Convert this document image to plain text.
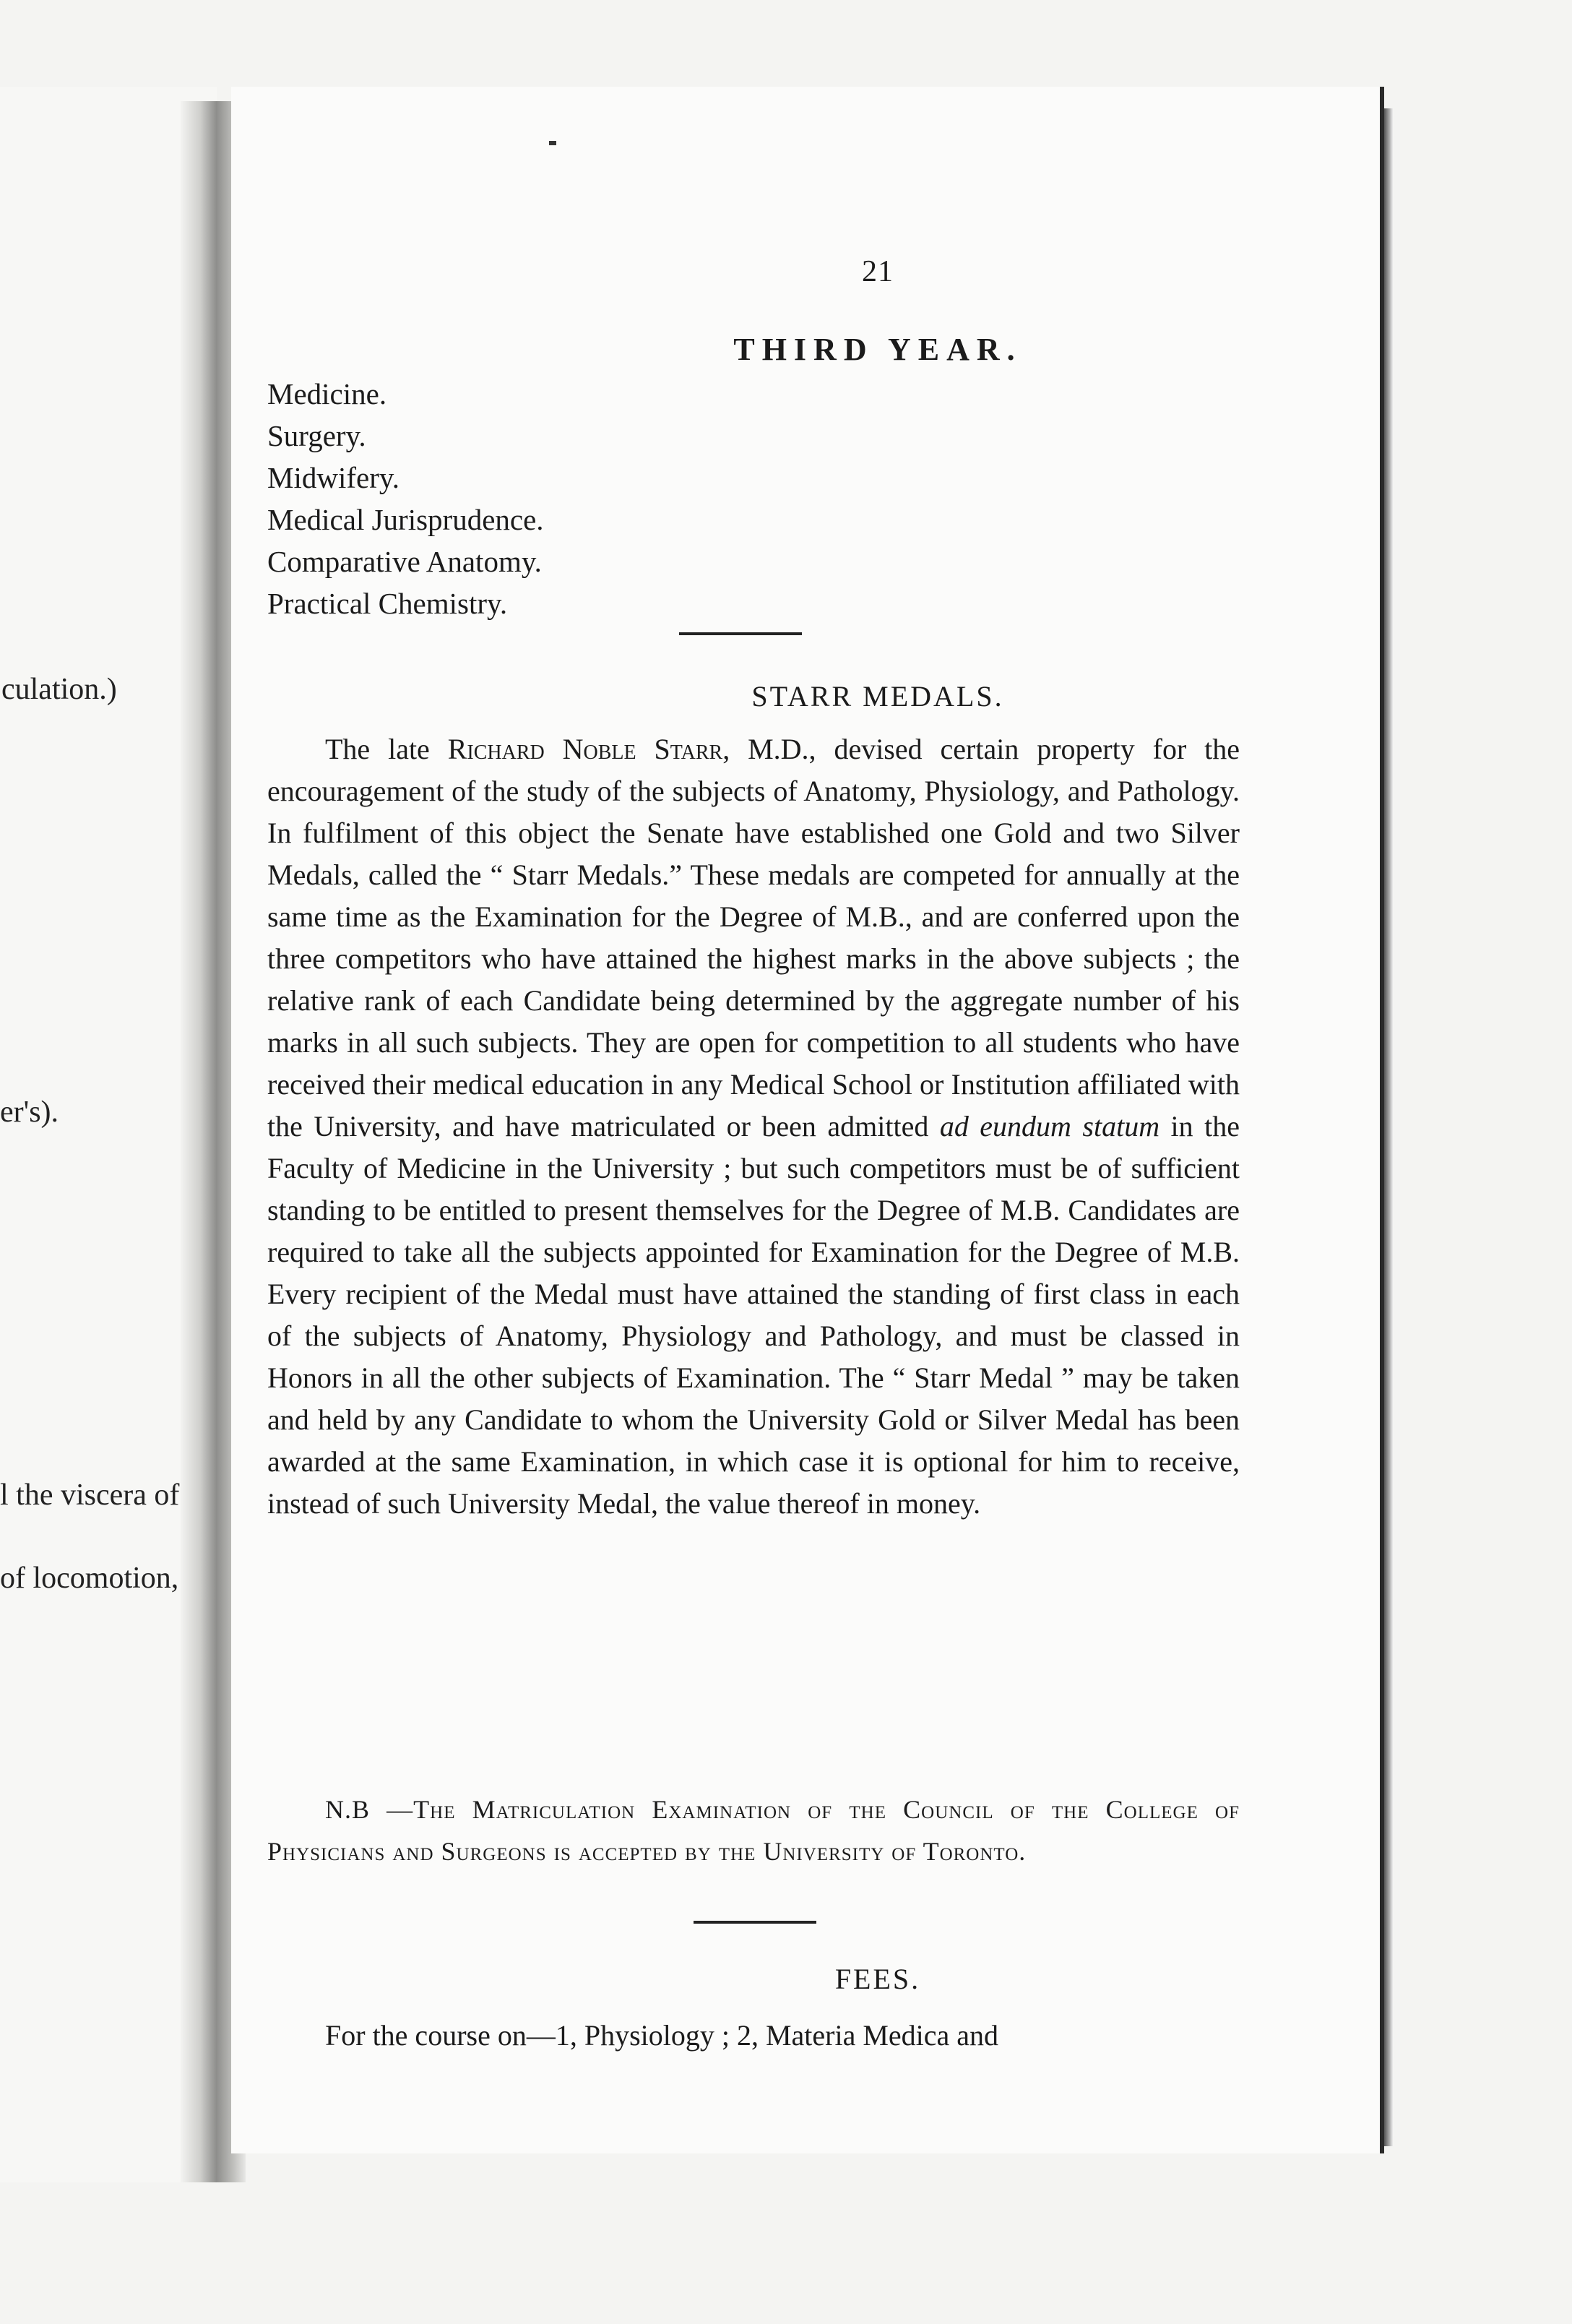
culation.)
er's).
l the viscera of
of locomotion,
21
THIRD YEAR.
Medicine.
Surgery.
Midwifery.
Medical Jurisprudence.
Comparative Anatomy.
Practical Chemistry.
STARR MEDALS.

The late Richard Noble Starr, M.D., devised certain property for the encouragement of the study of the subjects of Anatomy, Physiology, and Pathology. In fulfilment of this object the Senate have established one Gold and two Silver Medals, called the “ Starr Medals.” These medals are competed for annually at the same time as the Examination for the Degree of M.B., and are conferred upon the three competitors who have attained the highest marks in the above subjects ; the relative rank of each Candidate being determined by the aggregate number of his marks in all such subjects. They are open for competition to all students who have received their medical education in any Medical School or Institution affiliated with the University, and have matriculated or been admitted ad eundum statum in the Faculty of Medicine in the University ; but such competitors must be of sufficient standing to be entitled to present themselves for the Degree of M.B. Candidates are required to take all the subjects appointed for Examination for the Degree of M.B. Every recipient of the Medal must have attained the standing of first class in each of the subjects of Anatomy, Physiology and Pathology, and must be classed in Honors in all the other subjects of Examination. The “ Starr Medal ” may be taken and held by any Candidate to whom the University Gold or Silver Medal has been awarded at the same Examination, in which case it is optional for him to receive, instead of such University Medal, the value thereof in money.

N.B —The Matriculation Examination of the Council of the College of Physicians and Surgeons is accepted by the University of Toronto.

FEES.

For the course on—1, Physiology ; 2, Materia Medica and
